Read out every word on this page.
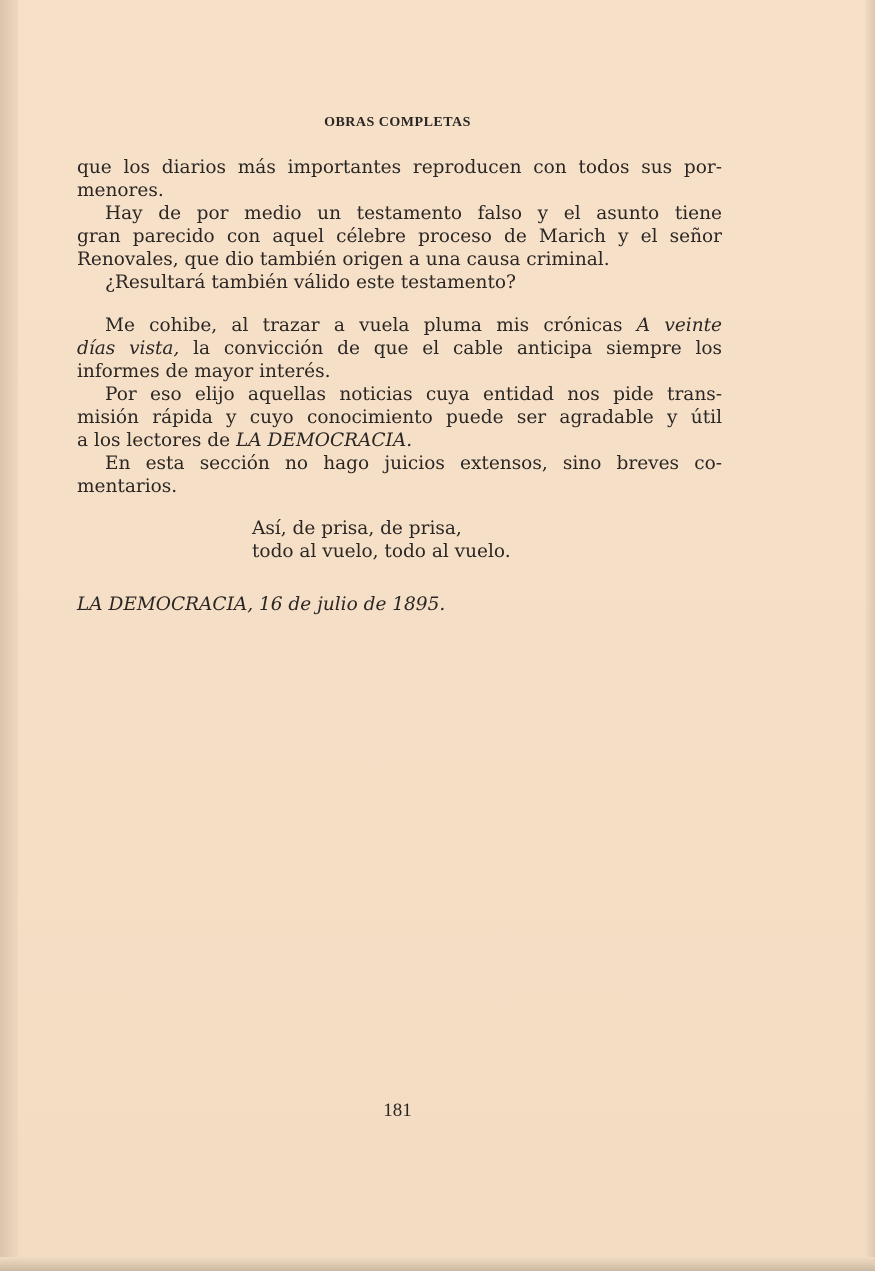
OBRAS COMPLETAS
que los diarios más importantes reproducen con todos sus por-
menores.
Hay de por medio un testamento falso y el asunto tiene
gran parecido con aquel célebre proceso de Marich y el señor
Renovales, que dio también origen a una causa criminal.
¿Resultará también válido este testamento?
Me cohibe, al trazar a vuela pluma mis crónicas A veinte
días vista, la convicción de que el cable anticipa siempre los
informes de mayor interés.
Por eso elijo aquellas noticias cuya entidad nos pide trans-
misión rápida y cuyo conocimiento puede ser agradable y útil
a los lectores de LA DEMOCRACIA.
En esta sección no hago juicios extensos, sino breves co-
mentarios.
Así, de prisa, de prisa,
todo al vuelo, todo al vuelo.
LA DEMOCRACIA, 16 de julio de 1895.
181
